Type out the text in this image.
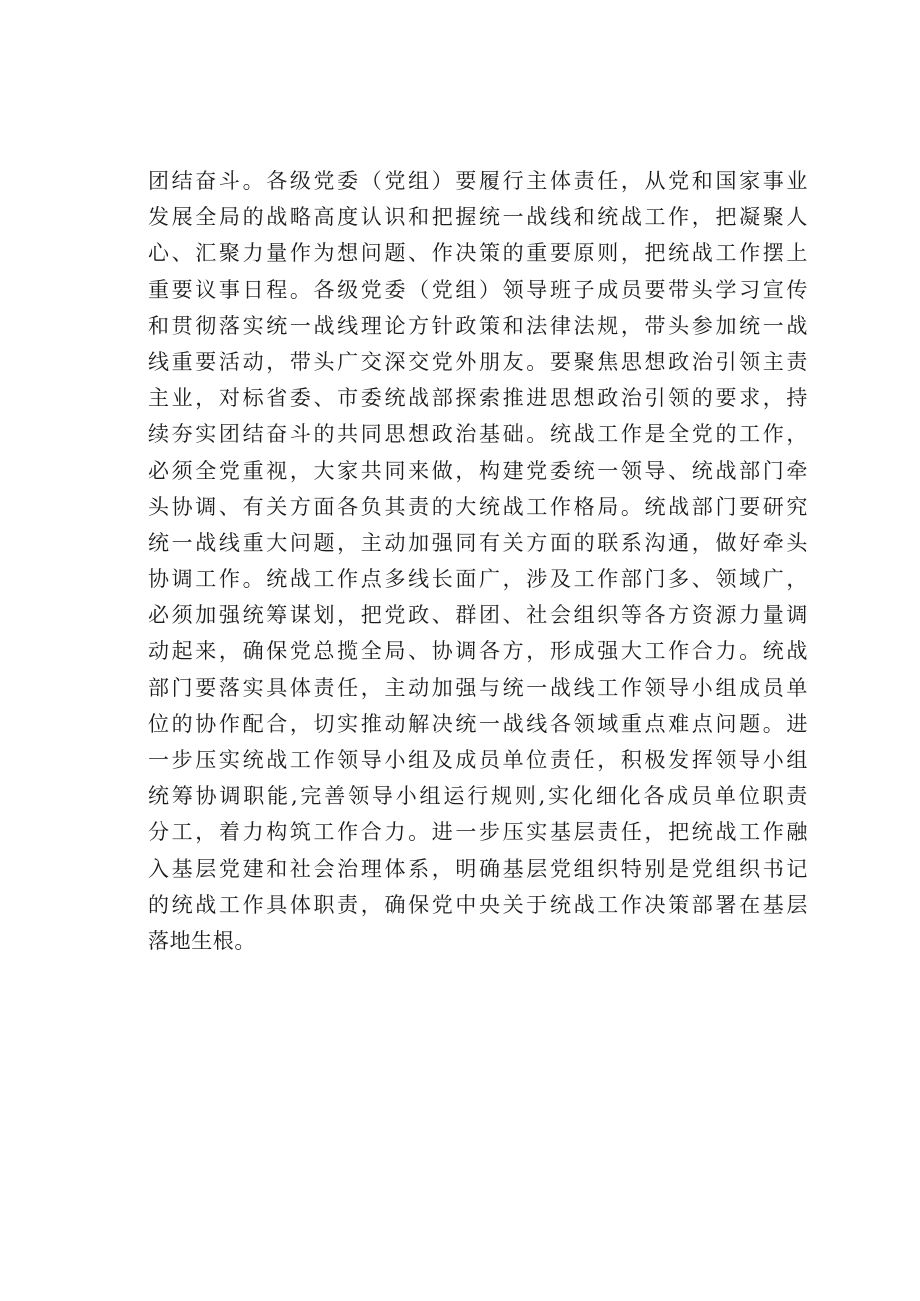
团结奋斗。各级党委（党组）要履行主体责任，从党和国家事业
发展全局的战略高度认识和把握统一战线和统战工作，把凝聚人
心、汇聚力量作为想问题、作决策的重要原则，把统战工作摆上
重要议事日程。各级党委（党组）领导班子成员要带头学习宣传
和贯彻落实统一战线理论方针政策和法律法规，带头参加统一战
线重要活动，带头广交深交党外朋友。要聚焦思想政治引领主责
主业，对标省委、市委统战部探索推进思想政治引领的要求，持
续夯实团结奋斗的共同思想政治基础。统战工作是全党的工作，
必须全党重视，大家共同来做，构建党委统一领导、统战部门牵
头协调、有关方面各负其责的大统战工作格局。统战部门要研究
统一战线重大问题，主动加强同有关方面的联系沟通，做好牵头
协调工作。统战工作点多线长面广，涉及工作部门多、领域广，
必须加强统筹谋划，把党政、群团、社会组织等各方资源力量调
动起来，确保党总揽全局、协调各方，形成强大工作合力。统战
部门要落实具体责任，主动加强与统一战线工作领导小组成员单
位的协作配合，切实推动解决统一战线各领域重点难点问题。进
一步压实统战工作领导小组及成员单位责任，积极发挥领导小组
统筹协调职能,完善领导小组运行规则,实化细化各成员单位职责
分工，着力构筑工作合力。进一步压实基层责任，把统战工作融
入基层党建和社会治理体系，明确基层党组织特别是党组织书记
的统战工作具体职责，确保党中央关于统战工作决策部署在基层
落地生根。
